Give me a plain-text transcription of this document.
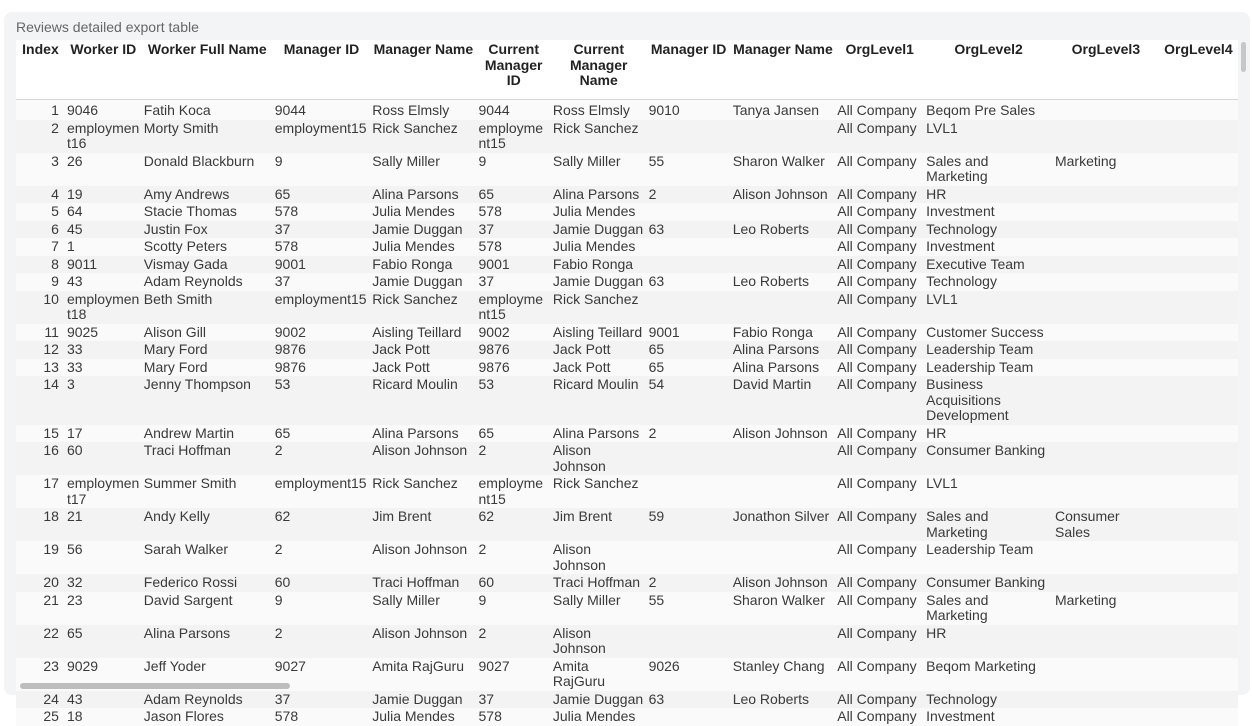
Reviews detailed export table
Index	Worker ID	Worker Full Name	Manager ID	Manager Name	Current Manager ID	Current Manager Name	Manager ID	Manager Name	OrgLevel1	OrgLevel2	OrgLevel3	OrgLevel4
1	9046	Fatih Koca	9044	Ross Elmsly	9044	Ross Elmsly	9010	Tanya Jansen	All Company	Beqom Pre Sales		
2	employment16	Morty Smith	employment15	Rick Sanchez	employment15	Rick Sanchez			All Company	LVL1		
3	26	Donald Blackburn	9	Sally Miller	9	Sally Miller	55	Sharon Walker	All Company	Sales and Marketing	Marketing	
4	19	Amy Andrews	65	Alina Parsons	65	Alina Parsons	2	Alison Johnson	All Company	HR		
5	64	Stacie Thomas	578	Julia Mendes	578	Julia Mendes			All Company	Investment		
6	45	Justin Fox	37	Jamie Duggan	37	Jamie Duggan	63	Leo Roberts	All Company	Technology		
7	1	Scotty Peters	578	Julia Mendes	578	Julia Mendes			All Company	Investment		
8	9011	Vismay Gada	9001	Fabio Ronga	9001	Fabio Ronga			All Company	Executive Team		
9	43	Adam Reynolds	37	Jamie Duggan	37	Jamie Duggan	63	Leo Roberts	All Company	Technology		
10	employment18	Beth Smith	employment15	Rick Sanchez	employment15	Rick Sanchez			All Company	LVL1		
11	9025	Alison Gill	9002	Aisling Teillard	9002	Aisling Teillard	9001	Fabio Ronga	All Company	Customer Success		
12	33	Mary Ford	9876	Jack Pott	9876	Jack Pott	65	Alina Parsons	All Company	Leadership Team		
13	33	Mary Ford	9876	Jack Pott	9876	Jack Pott	65	Alina Parsons	All Company	Leadership Team		
14	3	Jenny Thompson	53	Ricard Moulin	53	Ricard Moulin	54	David Martin	All Company	Business Acquisitions Development		
15	17	Andrew Martin	65	Alina Parsons	65	Alina Parsons	2	Alison Johnson	All Company	HR		
16	60	Traci Hoffman	2	Alison Johnson	2	Alison Johnson			All Company	Consumer Banking		
17	employment17	Summer Smith	employment15	Rick Sanchez	employment15	Rick Sanchez			All Company	LVL1		
18	21	Andy Kelly	62	Jim Brent	62	Jim Brent	59	Jonathon Silver	All Company	Sales and Marketing	Consumer Sales	
19	56	Sarah Walker	2	Alison Johnson	2	Alison Johnson			All Company	Leadership Team		
20	32	Federico Rossi	60	Traci Hoffman	60	Traci Hoffman	2	Alison Johnson	All Company	Consumer Banking		
21	23	David Sargent	9	Sally Miller	9	Sally Miller	55	Sharon Walker	All Company	Sales and Marketing	Marketing	
22	65	Alina Parsons	2	Alison Johnson	2	Alison Johnson			All Company	HR		
23	9029	Jeff Yoder	9027	Amita RajGuru	9027	Amita RajGuru	9026	Stanley Chang	All Company	Beqom Marketing		
24	43	Adam Reynolds	37	Jamie Duggan	37	Jamie Duggan	63	Leo Roberts	All Company	Technology		
25	18	Jason Flores	578	Julia Mendes	578	Julia Mendes			All Company	Investment		
